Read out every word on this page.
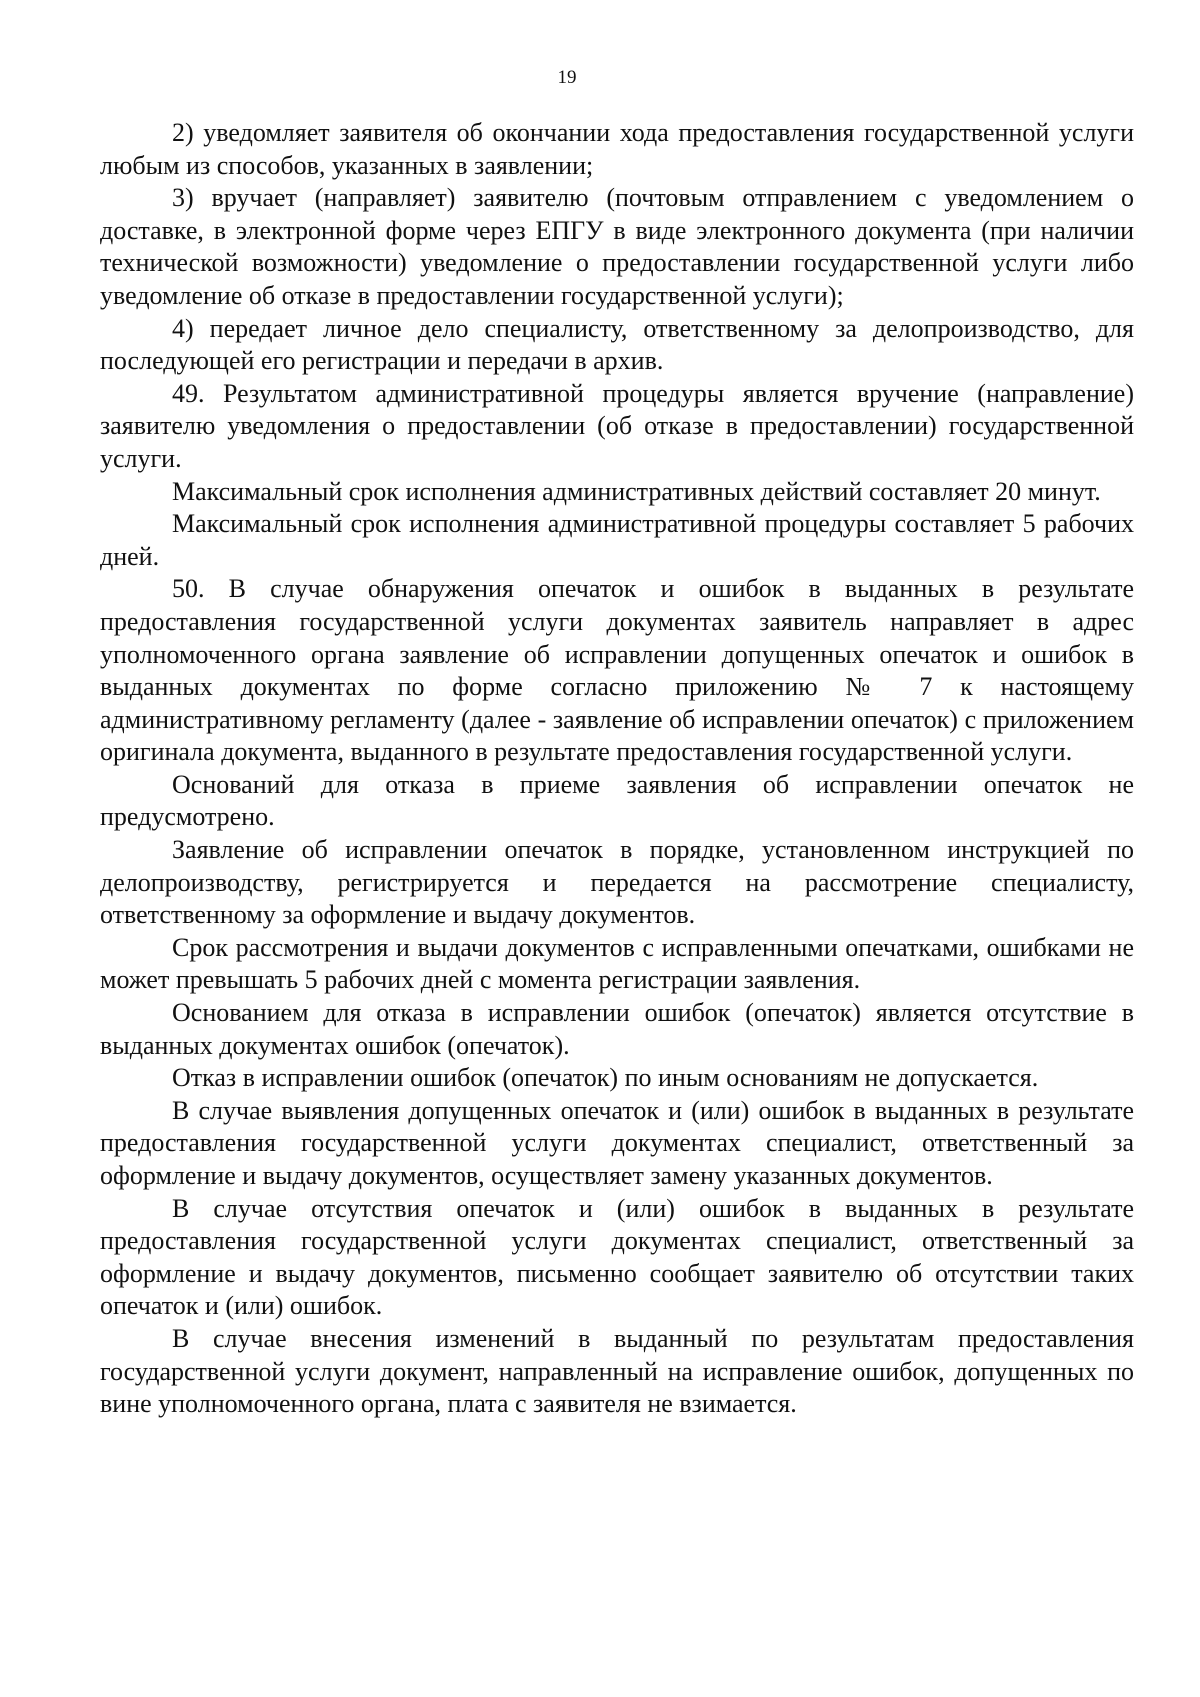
19

2) уведомляет заявителя об окончании хода предоставления государственной услуги любым из способов, указанных в заявлении;

3) вручает (направляет) заявителю (почтовым отправлением с уведомлением о доставке, в электронной форме через ЕПГУ в виде электронного документа (при наличии технической возможности) уведомление о предоставлении государственной услуги либо уведомление об отказе в предоставлении государственной услуги);

4) передает личное дело специалисту, ответственному за делопроизводство, для последующей его регистрации и передачи в архив.

49. Результатом административной процедуры является вручение (направление) заявителю уведомления о предоставлении (об отказе в предоставлении) государственной услуги.

Максимальный срок исполнения административных действий составляет 20 минут.

Максимальный срок исполнения административной процедуры составляет 5 рабочих дней.

50. В случае обнаружения опечаток и ошибок в выданных в результате предоставления государственной услуги документах заявитель направляет в адрес уполномоченного органа заявление об исправлении допущенных опечаток и ошибок в выданных документах по форме согласно приложению № 7 к настоящему административному регламенту (далее - заявление об исправлении опечаток) с приложением оригинала документа, выданного в результате предоставления государственной услуги.

Оснований для отказа в приеме заявления об исправлении опечаток не предусмотрено.

Заявление об исправлении опечаток в порядке, установленном инструкцией по делопроизводству, регистрируется и передается на рассмотрение специалисту, ответственному за оформление и выдачу документов.

Срок рассмотрения и выдачи документов с исправленными опечатками, ошибками не может превышать 5 рабочих дней с момента регистрации заявления.

Основанием для отказа в исправлении ошибок (опечаток) является отсутствие в выданных документах ошибок (опечаток).

Отказ в исправлении ошибок (опечаток) по иным основаниям не допускается.

В случае выявления допущенных опечаток и (или) ошибок в выданных в результате предоставления государственной услуги документах специалист, ответственный за оформление и выдачу документов, осуществляет замену указанных документов.

В случае отсутствия опечаток и (или) ошибок в выданных в результате предоставления государственной услуги документах специалист, ответственный за оформление и выдачу документов, письменно сообщает заявителю об отсутствии таких опечаток и (или) ошибок.

В случае внесения изменений в выданный по результатам предоставления государственной услуги документ, направленный на исправление ошибок, допущенных по вине уполномоченного органа, плата с заявителя не взимается.
